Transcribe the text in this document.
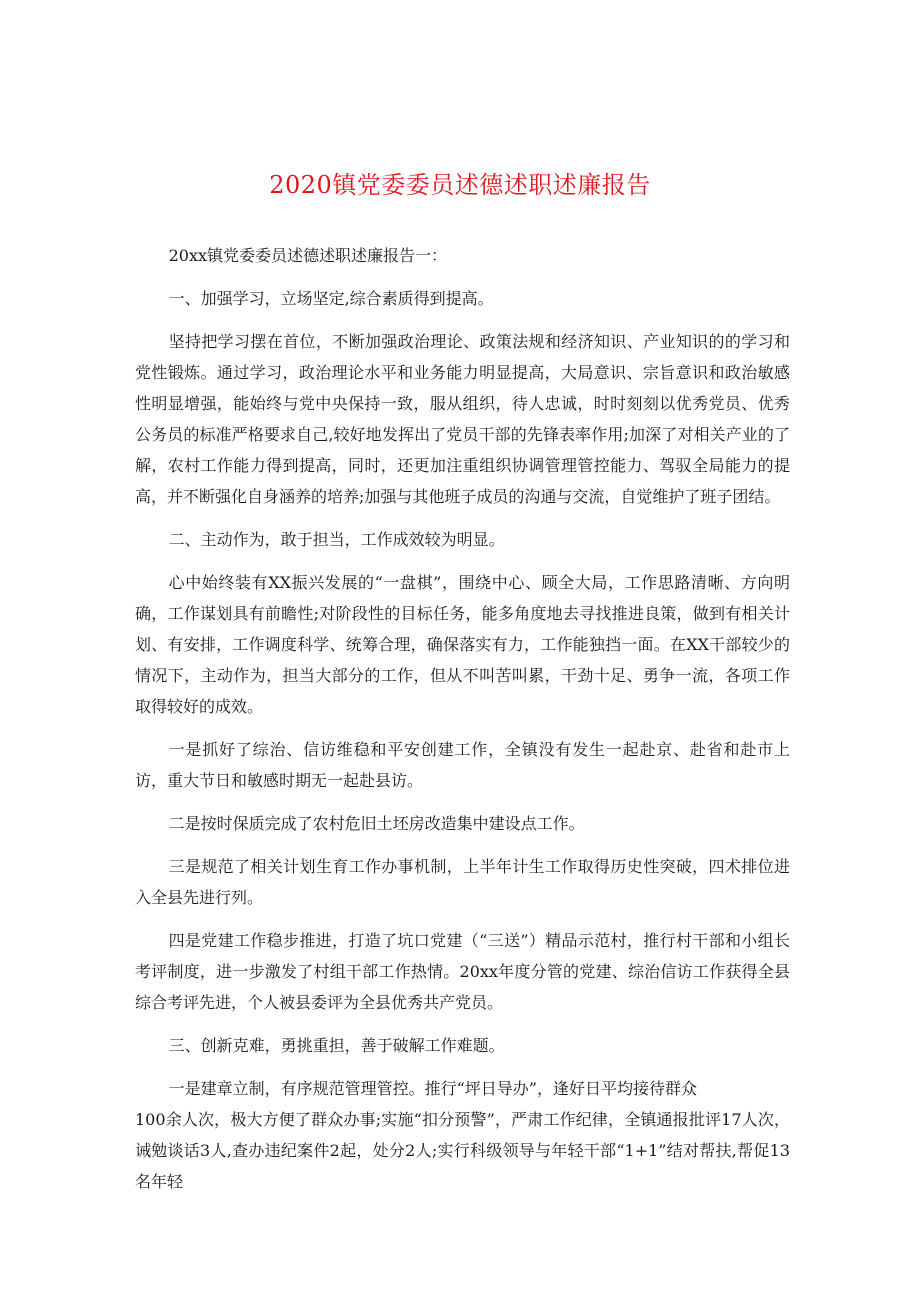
2020镇党委委员述德述职述廉报告

20xx镇党委委员述德述职述廉报告一：

一、加强学习，立场坚定,综合素质得到提高。

坚持把学习摆在首位，不断加强政治理论、政策法规和经济知识、产业知识的的学习和党性锻炼。通过学习，政治理论水平和业务能力明显提高，大局意识、宗旨意识和政治敏感性明显增强，能始终与党中央保持一致，服从组织，待人忠诚，时时刻刻以优秀党员、优秀公务员的标准严格要求自己,较好地发挥出了党员干部的先锋表率作用;加深了对相关产业的了解，农村工作能力得到提高，同时，还更加注重组织协调管理管控能力、驾驭全局能力的提高，并不断强化自身涵养的培养;加强与其他班子成员的沟通与交流，自觉维护了班子团结。

二、主动作为，敢于担当，工作成效较为明显。

心中始终装有XX振兴发展的“一盘棋”，围绕中心、顾全大局，工作思路清晰、方向明确，工作谋划具有前瞻性;对阶段性的目标任务，能多角度地去寻找推进良策，做到有相关计划、有安排，工作调度科学、统筹合理，确保落实有力，工作能独挡一面。在XX干部较少的情况下，主动作为，担当大部分的工作，但从不叫苦叫累，干劲十足、勇争一流，各项工作取得较好的成效。

一是抓好了综治、信访维稳和平安创建工作，全镇没有发生一起赴京、赴省和赴市上访，重大节日和敏感时期无一起赴县访。

二是按时保质完成了农村危旧土坯房改造集中建设点工作。

三是规范了相关计划生育工作办事机制，上半年计生工作取得历史性突破，四术排位进入全县先进行列。

四是党建工作稳步推进，打造了坑口党建（“三送”）精品示范村，推行村干部和小组长考评制度，进一步激发了村组干部工作热情。20xx年度分管的党建、综治信访工作获得全县综合考评先进，个人被县委评为全县优秀共产党员。

三、创新克难，勇挑重担，善于破解工作难题。

一是建章立制，有序规范管理管控。推行“坪日导办”，逢好日平均接待群众

100余人次，极大方便了群众办事;实施“扣分预警”，严肃工作纪律，全镇通报批评17人次，诫勉谈话3人,查办违纪案件2起，处分2人;实行科级领导与年轻干部“1+1”结对帮扶,帮促13名年轻
